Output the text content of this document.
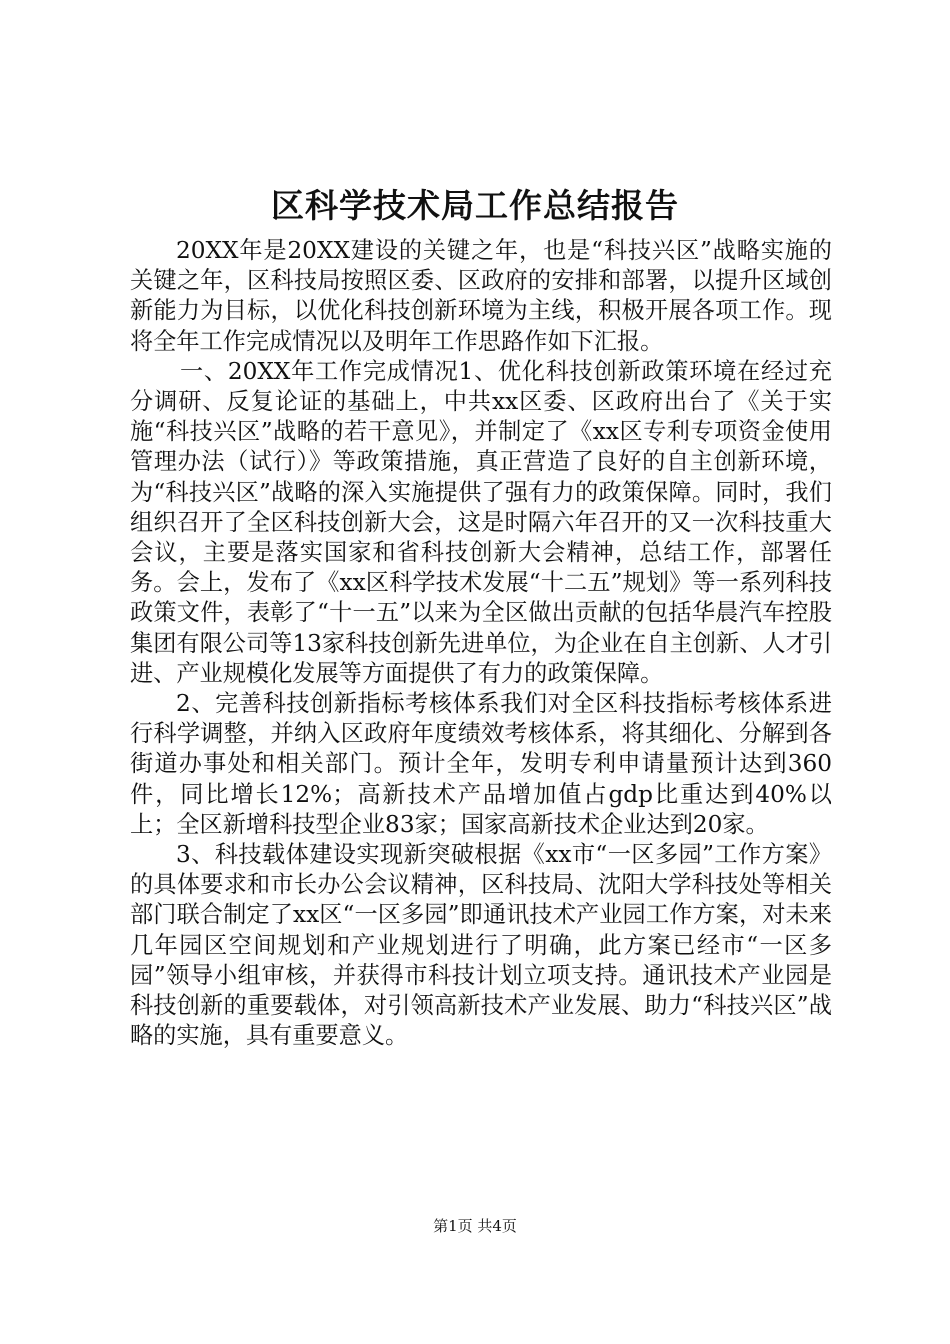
区科学技术局工作总结报告

20XX年是20XX建设的关键之年，也是“科技兴区”战略实施的关键之年，区科技局按照区委、区政府的安排和部署，以提升区域创新能力为目标，以优化科技创新环境为主线，积极开展各项工作。现将全年工作完成情况以及明年工作思路作如下汇报。

一、20XX年工作完成情况1、优化科技创新政策环境在经过充分调研、反复论证的基础上，中共xx区委、区政府出台了《关于实施“科技兴区”战略的若干意见》，并制定了《xx区专利专项资金使用管理办法（试行）》等政策措施，真正营造了良好的自主创新环境，为“科技兴区”战略的深入实施提供了强有力的政策保障。同时，我们组织召开了全区科技创新大会，这是时隔六年召开的又一次科技重大会议，主要是落实国家和省科技创新大会精神，总结工作，部署任务。会上，发布了《xx区科学技术发展“十二五”规划》等一系列科技政策文件，表彰了“十一五”以来为全区做出贡献的包括华晨汽车控股集团有限公司等13家科技创新先进单位，为企业在自主创新、人才引进、产业规模化发展等方面提供了有力的政策保障。

2、完善科技创新指标考核体系我们对全区科技指标考核体系进行科学调整，并纳入区政府年度绩效考核体系，将其细化、分解到各街道办事处和相关部门。预计全年，发明专利申请量预计达到360件，同比增长12%；高新技术产品增加值占gdp比重达到40%以上；全区新增科技型企业83家；国家高新技术企业达到20家。

3、科技载体建设实现新突破根据《xx市“一区多园”工作方案》的具体要求和市长办公会议精神，区科技局、沈阳大学科技处等相关部门联合制定了xx区“一区多园”即通讯技术产业园工作方案，对未来几年园区空间规划和产业规划进行了明确，此方案已经市“一区多园”领导小组审核，并获得市科技计划立项支持。通讯技术产业园是科技创新的重要载体，对引领高新技术产业发展、助力“科技兴区”战略的实施，具有重要意义。

第1页 共4页
